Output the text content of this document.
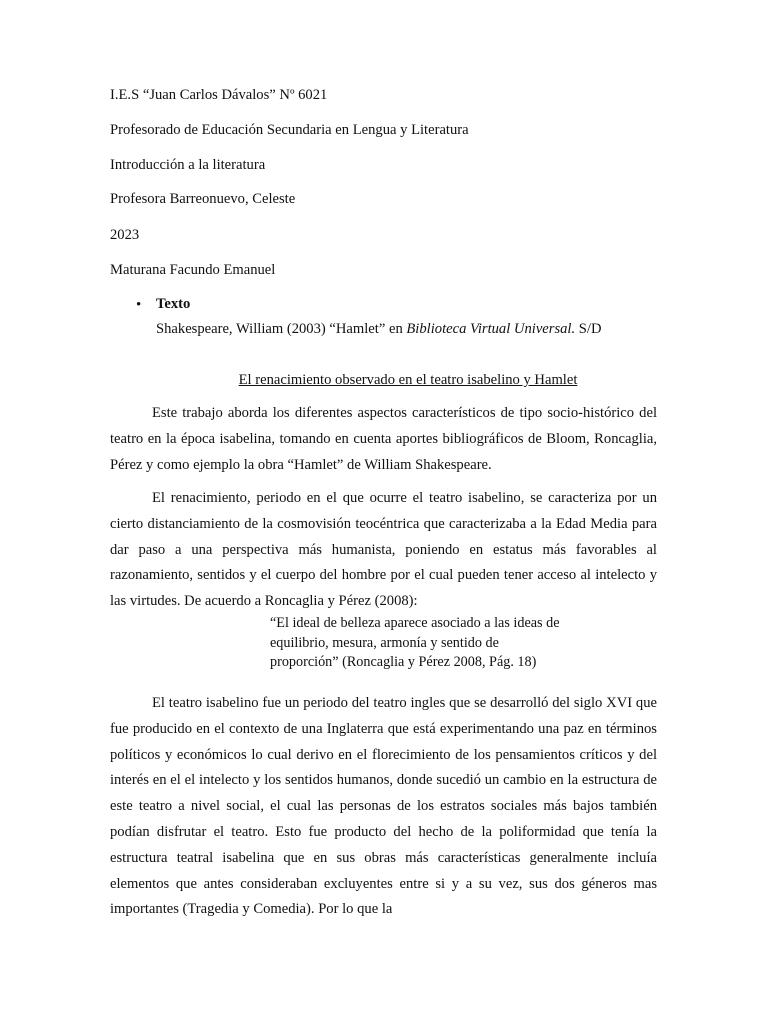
I.E.S “Juan Carlos Dávalos” Nº 6021
Profesorado de Educación Secundaria en Lengua y Literatura
Introducción a la literatura
Profesora Barreonuevo, Celeste
2023
Maturana Facundo Emanuel
• Texto
Shakespeare, William (2003) “Hamlet” en Biblioteca Virtual Universal. S/D
El renacimiento observado en el teatro isabelino y Hamlet

Este trabajo aborda los diferentes aspectos característicos de tipo socio-histórico del teatro en la época isabelina, tomando en cuenta aportes bibliográficos de Bloom, Roncaglia, Pérez y como ejemplo la obra “Hamlet” de William Shakespeare.

El renacimiento, periodo en el que ocurre el teatro isabelino, se caracteriza por un cierto distanciamiento de la cosmovisión teocéntrica que caracterizaba a la Edad Media para dar paso a una perspectiva más humanista, poniendo en estatus más favorables al razonamiento, sentidos y el cuerpo del hombre por el cual pueden tener acceso al intelecto y las virtudes. De acuerdo a Roncaglia y Pérez (2008):

“El ideal de belleza aparece asociado a las ideas de equilibrio, mesura, armonía y sentido de proporción” (Roncaglia y Pérez 2008, Pág. 18)

El teatro isabelino fue un periodo del teatro ingles que se desarrolló del siglo XVI que fue producido en el contexto de una Inglaterra que está experimentando una paz en términos políticos y económicos lo cual derivo en el florecimiento de los pensamientos críticos y del interés en el el intelecto y los sentidos humanos, donde sucedió un cambio en la estructura de este teatro a nivel social, el cual las personas de los estratos sociales más bajos también podían disfrutar el teatro. Esto fue producto del hecho de la poliformidad que tenía la estructura teatral isabelina que en sus obras más características generalmente incluía elementos que antes consideraban excluyentes entre si y a su vez, sus dos géneros mas importantes (Tragedia y Comedia). Por lo que la
